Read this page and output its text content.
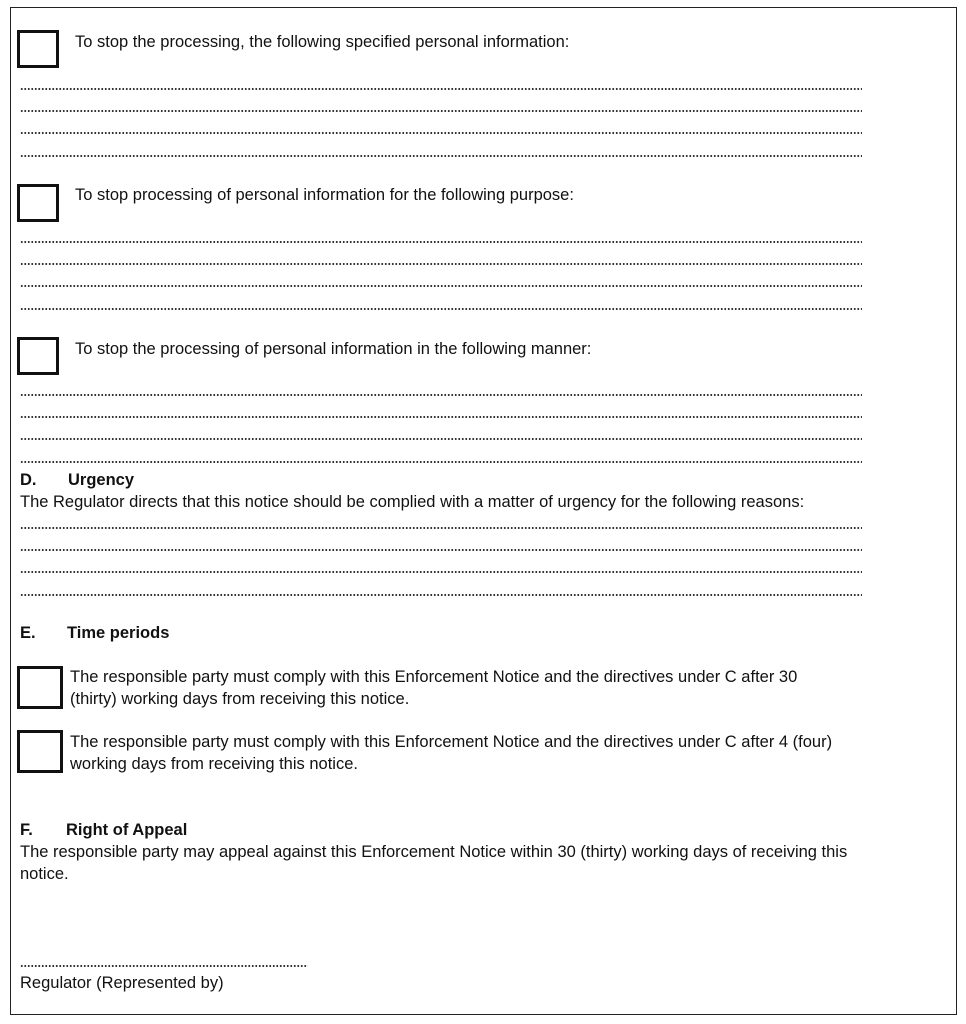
To stop the processing, the following specified personal information:
To stop processing of personal information for the following purpose:
To stop the processing of personal information in the following manner:
D. Urgency
The Regulator directs that this notice should be complied with a matter of urgency for the following reasons:
E. Time periods
The responsible party must comply with this Enforcement Notice and the directives under C after 30
(thirty) working days from receiving this notice.
The responsible party must comply with this Enforcement Notice and the directives under C after 4 (four)
working days from receiving this notice.
F. Right of Appeal
The responsible party may appeal against this Enforcement Notice within 30 (thirty) working days of receiving this
notice.
Regulator (Represented by)
